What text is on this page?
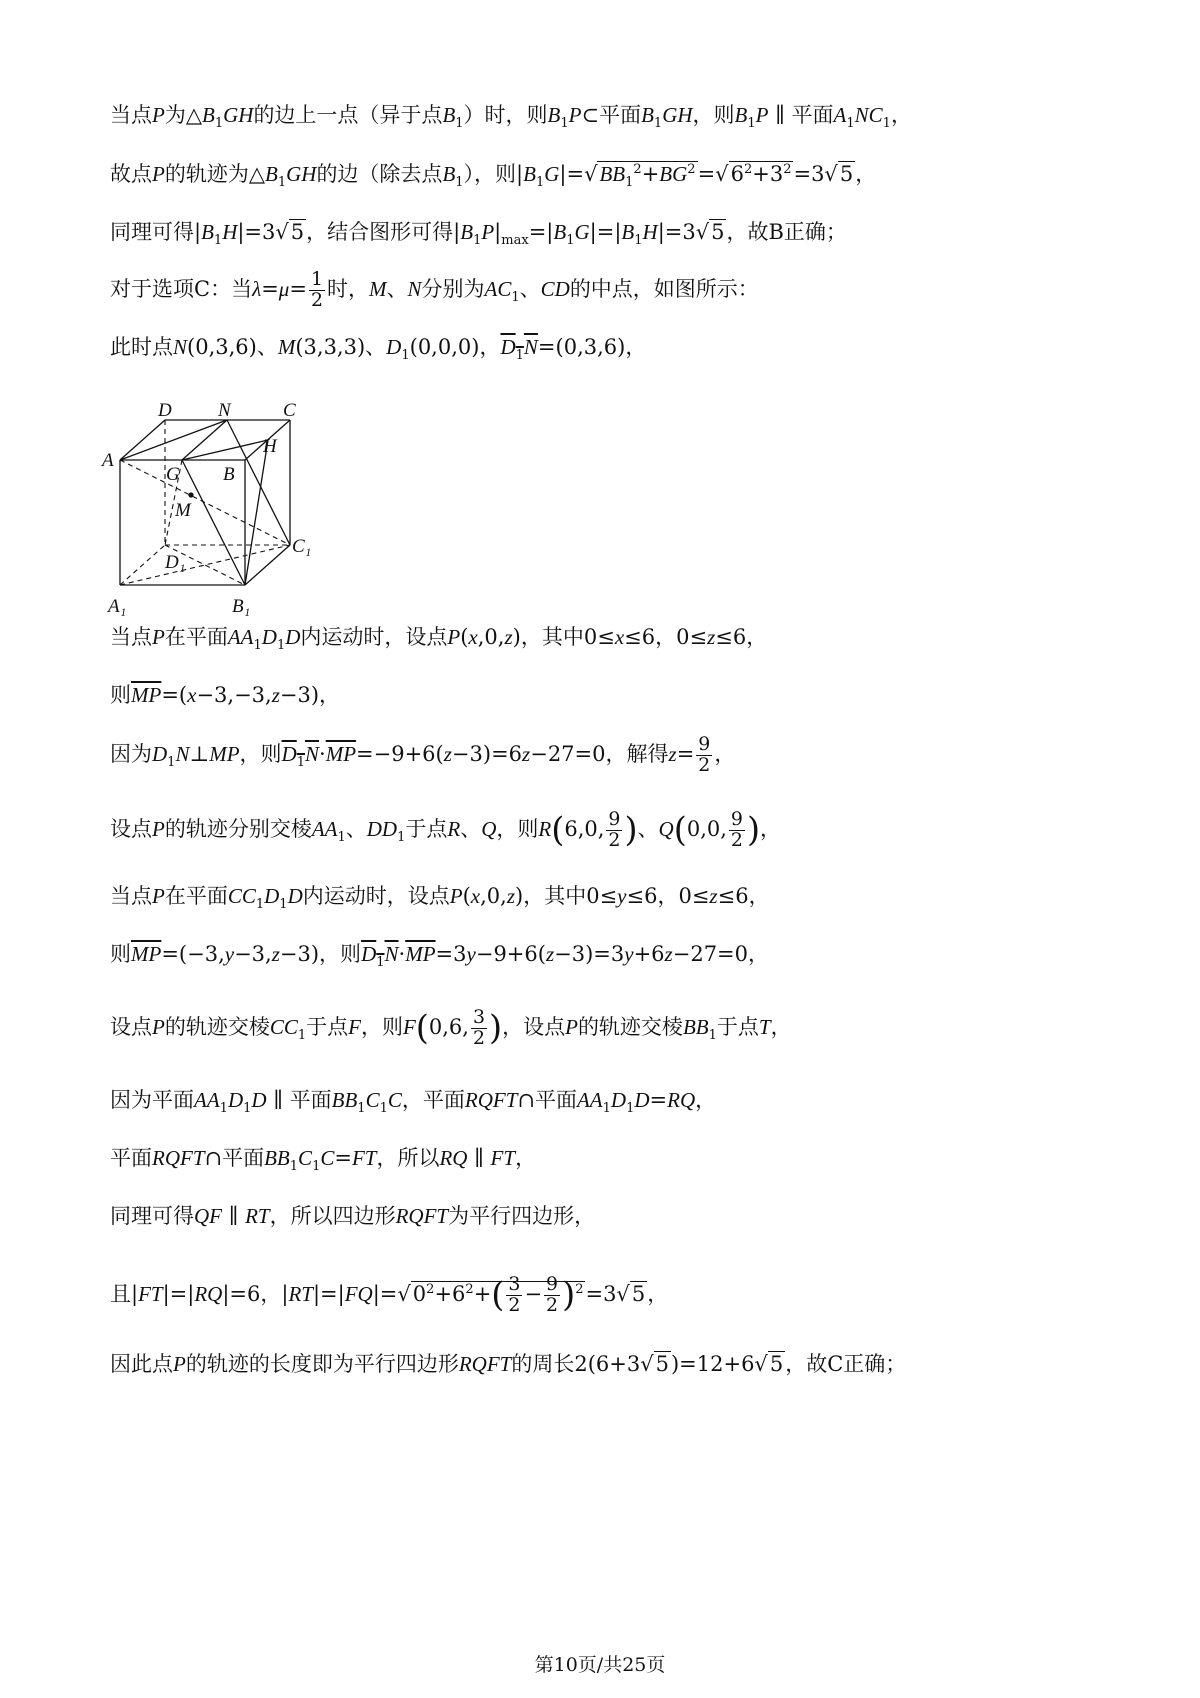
当点P为$\triangle B_1GH$的边上一点（异于点$B_1$）时，则$B_1P\subset$平面$B_1GH$，则$B_1P$ ∥ 平面$A_1NC_1$，
故点P的轨迹为$\triangle B_1GH$的边（除去点$B_1$），则$|B_1G|=√BB_1^2+BG^2=√6^2+3^2=3√5$，
同理可得$|B_1H|=3√5$，结合图形可得$|B_1P|_{max}=|B_1G|=|B_1H|=3√5$，故B正确；
对于选项C：当$\lambda=\mu= \frac{1}{2}$ 时，M、N分别为$AC_1$、CD的中点，如图所示：
此时点N(0,3,6)、M(3,3,3)、$D_1(0,0,0)$，$D_1N=(0,3,6)$，
D N	C
A
H
G B
M
C₁
D₁
A₁	B₁
当点P在平面$AA_1D_1D$内运动时，设点P(x,0,z)，其中0≤x≤6，0≤z≤6，
则$\overline{MP}=(x-3,-3,z-3)$，
因为$D_1N\perp MP$，则$D_1N\cdot\overline{MP}=-9+6(z-3)=6z-27=0$，解得$z= \frac{9}{2}$ ，
设点P的轨迹分别交棱$AA_1$、$DD_1$于点R、Q，则R(6,0, $\frac{9}{2}$ )、Q(0,0, $\frac{9}{2}$ )，
当点P在平面$CC_1D_1D$内运动时，设点P(x,0,z)，其中0≤y≤6，0≤z≤6，
则$\overline{MP}=(-3,y-3,z-3)$，则$D_1N\cdot\overline{MP}=3y-9+6(z-3)=3y+6z-27=0$，
设点P的轨迹交棱$CC_1$于点F，则F(0,6, $\frac{3}{2}$ )，设点P的轨迹交棱$BB_1$于点T，
因为平面$AA_1D_1D$ ∥ 平面$BB_1C_1C$，平面RQFT∩平面$AA_1D_1D=RQ$，
平面RQFT∩平面$BB_1C_1C=FT$，所以RQ ∥ FT，
同理可得QF ∥ RT，所以四边形RQFT为平行四边形，
且|FT|=|RQ|=6，$|RT|=|FQ|=√0^2+6^2+( \frac{3}{2} - \frac{9}{2} )^2=3√5$，
因此点P的轨迹的长度即为平行四边形RQFT的周长2(6+3√5)=12+6√5，故C正确；
第10页/共25页
